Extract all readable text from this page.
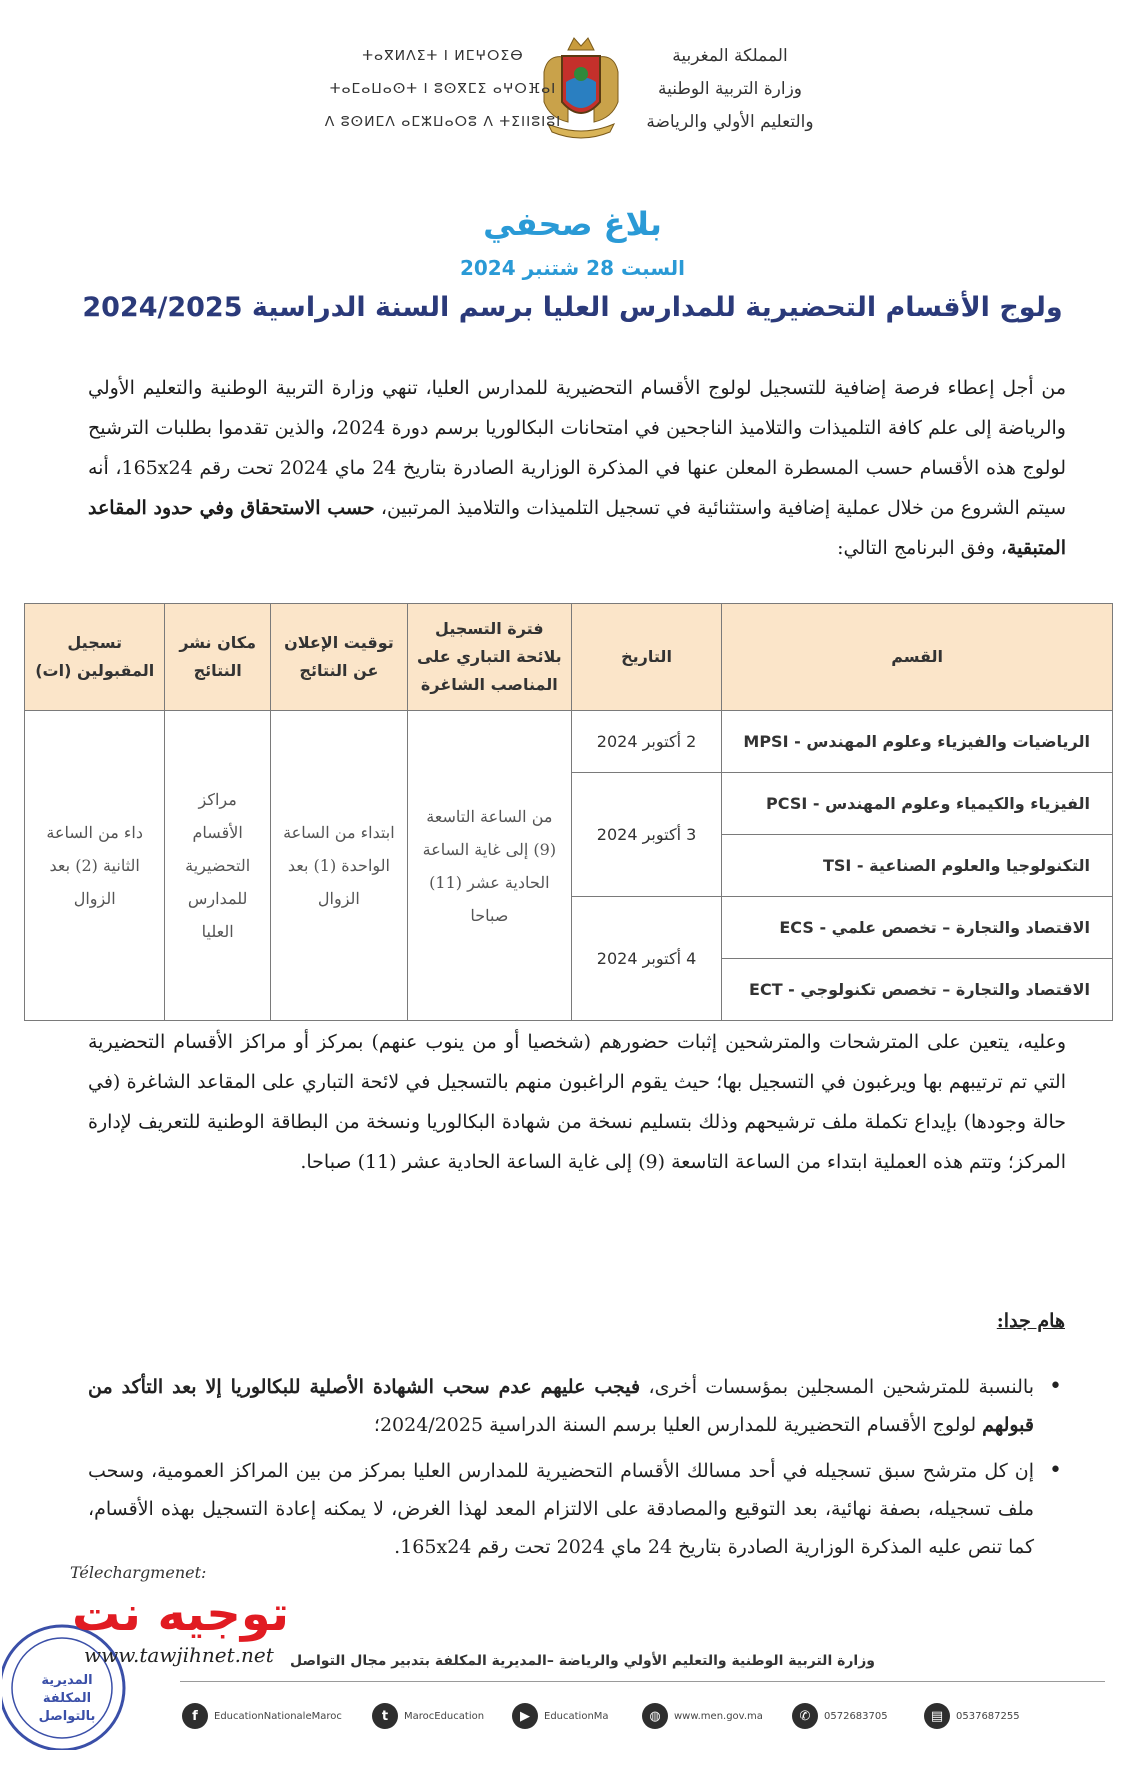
المملكة المغربية
وزارة التربية الوطنية
والتعليم الأولي والرياضة
ⵜⴰⴳⵍⴷⵉⵜ ⵏ ⵍⵎⵖⵔⵉⴱ
ⵜⴰⵎⴰⵡⴰⵙⵜ ⵏ ⵓⵙⴳⵎⵉ ⴰⵖⵔⴼⴰⵏ
ⴷ ⵓⵙⵍⵎⴷ ⴰⵎⵣⵡⴰⵔⵓ ⴷ ⵜⵉⵏⵏⵓⵏⵓⵏ
بلاغ صحفي
السبت 28 شتنبر 2024
ولوج الأقسام التحضيرية للمدارس العليا برسم السنة الدراسية 2024/2025
من أجل إعطاء فرصة إضافية للتسجيل لولوج الأقسام التحضيرية للمدارس العليا، تنهي وزارة التربية الوطنية والتعليم الأولي والرياضة إلى علم كافة التلميذات والتلاميذ الناجحين في امتحانات البكالوريا برسم دورة 2024، والذين تقدموا بطلبات الترشيح لولوج هذه الأقسام حسب المسطرة المعلن عنها في المذكرة الوزارية الصادرة بتاريخ 24 ماي 2024 تحت رقم 165x24، أنه سيتم الشروع من خلال عملية إضافية واستثنائية في تسجيل التلميذات والتلاميذ المرتبين، حسب الاستحقاق وفي حدود المقاعد المتبقية، وفق البرنامج التالي:
القسم	التاريخ	فترة التسجيل بلائحة التباري على المناصب الشاغرة	توقيت الإعلان عن النتائج	مكان نشر النتائج	تسجيل المقبولين (ات)
الرياضيات والفيزياء وعلوم المهندس - MPSI	2 أكتوبر 2024	من الساعة التاسعة (9) إلى غاية الساعة الحادية عشر (11) صباحا	ابتداء من الساعة الواحدة (1) بعد الزوال	مراكز الأقسام التحضيرية للمدارس العليا	داء من الساعة الثانية (2) بعد الزوال
الفيزياء والكيمياء وعلوم المهندس - PCSI	3 أكتوبر 2024				
التكنولوجيا والعلوم الصناعية - TSI					
الاقتصاد والتجارة – تخصص علمي - ECS	4 أكتوبر 2024				
الاقتصاد والتجارة – تخصص تكنولوجي - ECT					
وعليه، يتعين على المترشحات والمترشحين إثبات حضورهم (شخصيا أو من ينوب عنهم) بمركز أو مراكز الأقسام التحضيرية التي تم ترتيبهم بها ويرغبون في التسجيل بها؛ حيث يقوم الراغبون منهم بالتسجيل في لائحة التباري على المقاعد الشاغرة (في حالة وجودها) بإيداع تكملة ملف ترشيحهم وذلك بتسليم نسخة من شهادة البكالوريا ونسخة من البطاقة الوطنية للتعريف لإدارة المركز؛ وتتم هذه العملية ابتداء من الساعة التاسعة (9) إلى غاية الساعة الحادية عشر (11) صباحا.
هام جدا:
• بالنسبة للمترشحين المسجلين بمؤسسات أخرى، فيجب عليهم عدم سحب الشهادة الأصلية للبكالوريا إلا بعد التأكد من قبولهم لولوج الأقسام التحضيرية للمدارس العليا برسم السنة الدراسية 2024/2025؛
• إن كل مترشح سبق تسجيله في أحد مسالك الأقسام التحضيرية للمدارس العليا بمركز من بين المراكز العمومية، وسحب ملف تسجيله، بصفة نهائية، بعد التوقيع والمصادقة على الالتزام المعد لهذا الغرض، لا يمكنه إعادة التسجيل بهذه الأقسام، كما تنص عليه المذكرة الوزارية الصادرة بتاريخ 24 ماي 2024 تحت رقم 165x24.
المديرية المكلفة بالتواصل
Télechargmenet:
توجيه نت
www.tawjihnet.net وزارة التربية الوطنية والتعليم الأولي والرياضة –المديرية المكلفة بتدبير مجال التواصل
f	EducationNationaleMaroc	t	MarocEducation	▶	EducationMa	◍	www.men.gov.ma	✆	0572683705	▤	0537687255
